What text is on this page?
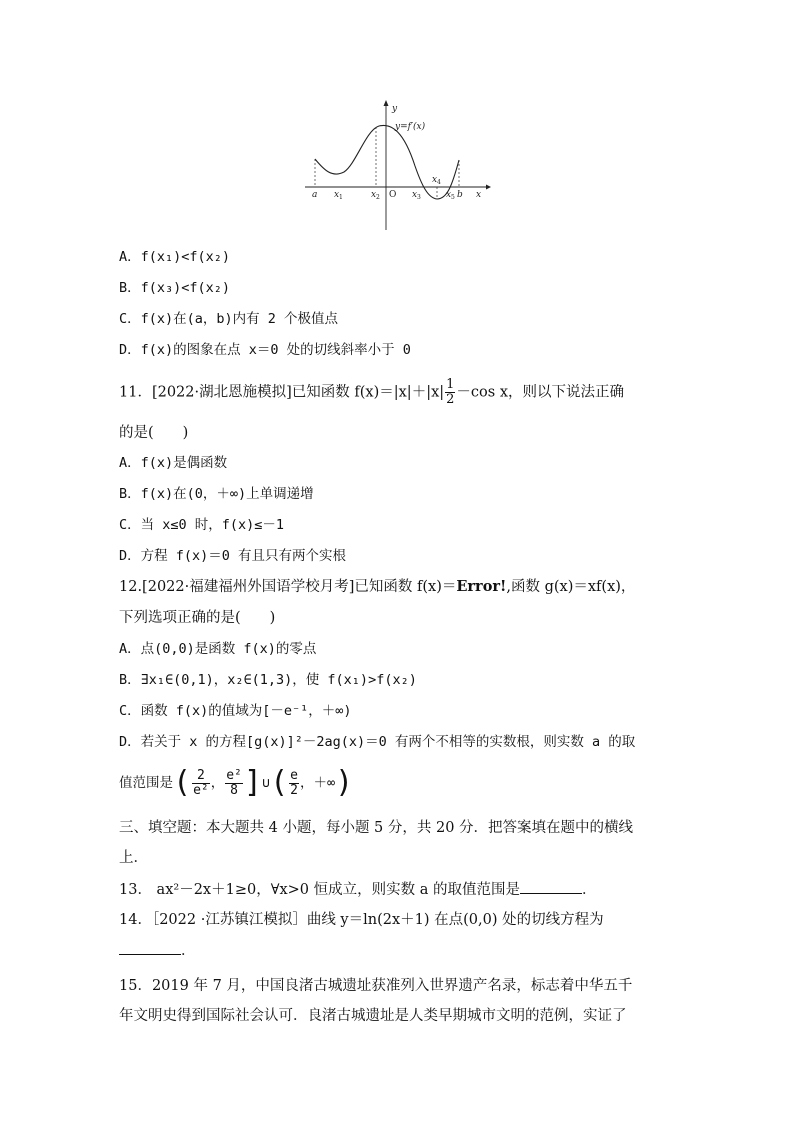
y
y=f′(x)
x
O
a x 1	x 2	x 3
x 4
x 5 b
A．f(x₁)<f(x₂)
B．f(x₃)<f(x₂)
C．f(x)在(a，b)内有 2 个极值点
D．f(x)的图象在点 x＝0 处的切线斜率小于 0
11．[2022·湖北恩施模拟]已知函数 $f(x)=|x|+|x| \frac{1}{2} -\cos$ x，则以下说法正确
的是(　　)
A．f(x)是偶函数
B．f(x)在(0，＋∞)上单调递增
C．当 x≤0 时，f(x)≤－1
D．方程 f(x)＝0 有且只有两个实根
12.[2022·福建福州外国语学校月考]已知函数 f(x)＝Error!,函数 g(x)＝xf(x)，
下列选项正确的是(　　)
A．点(0,0)是函数 f(x)的零点
B．∃x₁∈(0,1)，x₂∈(1,3)，使 f(x₁)>f(x₂)
C．函数 f(x)的值域为[－e⁻¹，＋∞)
D．若关于 x 的方程[g(x)]²－2ag(x)＝0 有两个不相等的实数根，则实数 a 的取
值范围是( $\frac{2}{\text{e²}}$ ， $\frac{\text{e²}}{8}$ ]∪( $\frac{e}{2}$ ，＋∞)
三、填空题：本大题共 4 小题，每小题 5 分，共 20 分．把答案填在题中的横线
上．
13． ax²－2x＋1≥0，∀x>0 恒成立，则实数 a 的取值范围是	．
14．［2022 ·江苏镇江模拟］曲线 y＝ln(2x＋1) 在点(0,0) 处的切线方程为
．
15．2019 年 7 月，中国良渚古城遗址获准列入世界遗产名录，标志着中华五千
年文明史得到国际社会认可．良渚古城遗址是人类早期城市文明的范例，实证了
